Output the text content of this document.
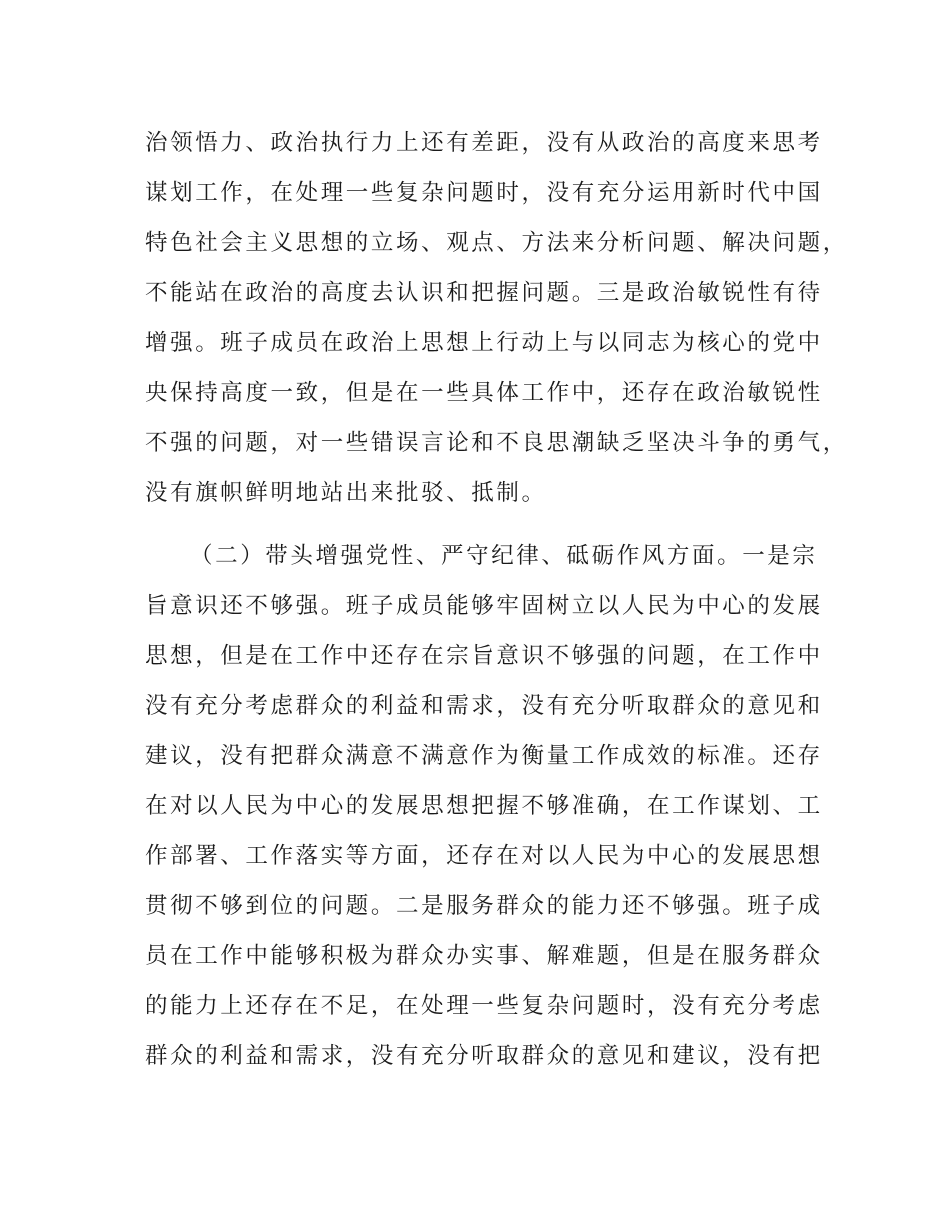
治领悟力、政治执行力上还有差距，没有从政治的高度来思考
谋划工作，在处理一些复杂问题时，没有充分运用新时代中国
特色社会主义思想的立场、观点、方法来分析问题、解决问题，
不能站在政治的高度去认识和把握问题。三是政治敏锐性有待
增强。班子成员在政治上思想上行动上与以同志为核心的党中
央保持高度一致，但是在一些具体工作中，还存在政治敏锐性
不强的问题，对一些错误言论和不良思潮缺乏坚决斗争的勇气，
没有旗帜鲜明地站出来批驳、抵制。
（二）带头增强党性、严守纪律、砥砺作风方面。一是宗
旨意识还不够强。班子成员能够牢固树立以人民为中心的发展
思想，但是在工作中还存在宗旨意识不够强的问题，在工作中
没有充分考虑群众的利益和需求，没有充分听取群众的意见和
建议，没有把群众满意不满意作为衡量工作成效的标准。还存
在对以人民为中心的发展思想把握不够准确，在工作谋划、工
作部署、工作落实等方面，还存在对以人民为中心的发展思想
贯彻不够到位的问题。二是服务群众的能力还不够强。班子成
员在工作中能够积极为群众办实事、解难题，但是在服务群众
的能力上还存在不足，在处理一些复杂问题时，没有充分考虑
群众的利益和需求，没有充分听取群众的意见和建议，没有把
